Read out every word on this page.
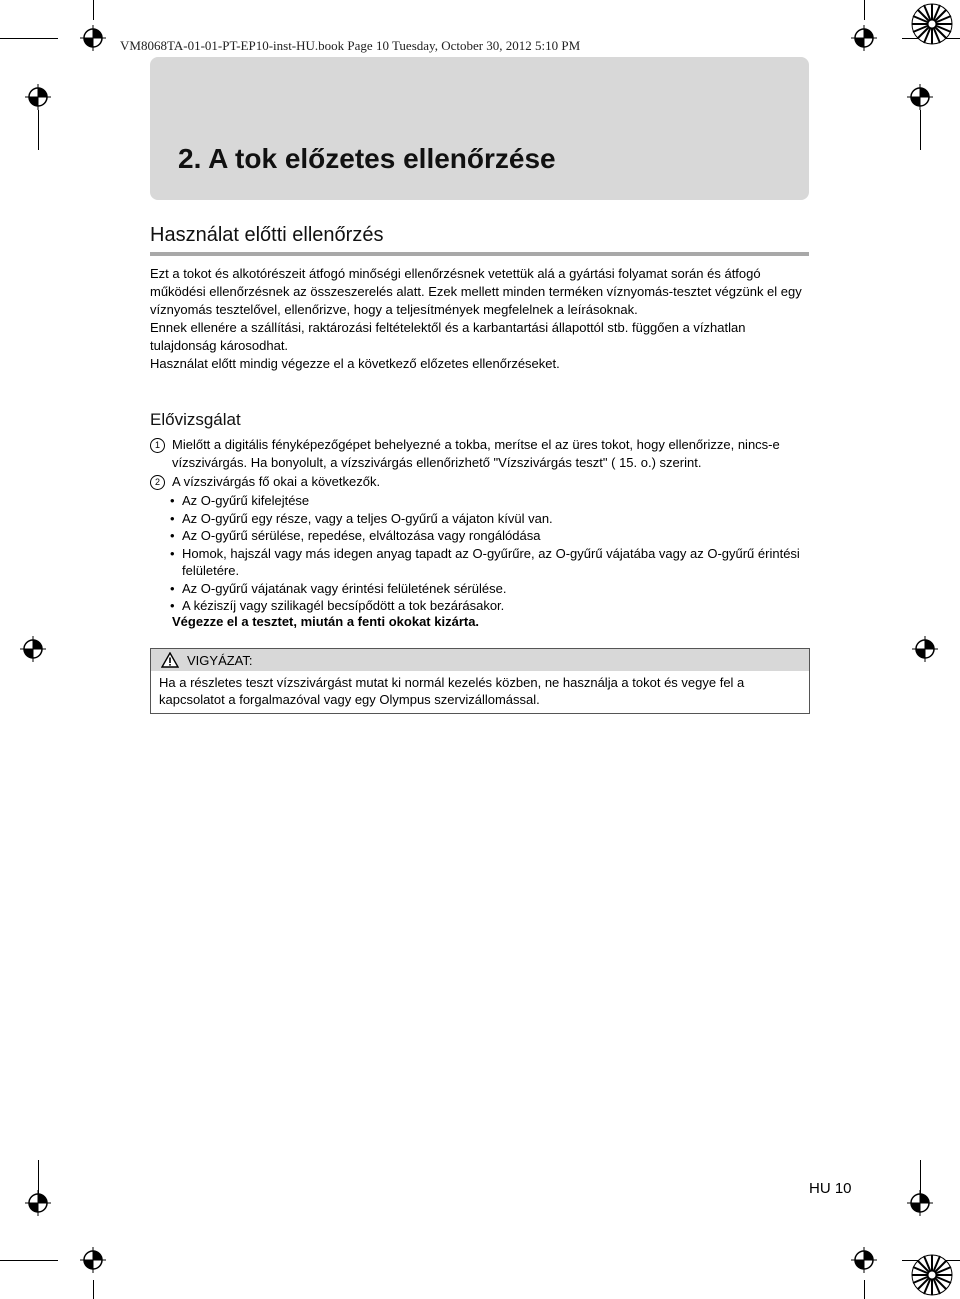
VM8068TA-01-01-PT-EP10-inst-HU.book Page 10 Tuesday, October 30, 2012 5:10 PM
2. A tok előzetes ellenőrzése
Használat előtti ellenőrzés

Ezt a tokot és alkotórészeit átfogó minőségi ellenőrzésnek vetettük alá a gyártási folyamat során és átfogó működési ellenőrzésnek az összeszerelés alatt. Ezek mellett minden terméken víznyomás-tesztet végzünk el egy víznyomás tesztelővel, ellenőrizve, hogy a teljesítmények megfelelnek a leírásoknak.

Ennek ellenére a szállítási, raktározási feltételektől és a karbantartási állapottól stb. függően a vízhatlan tulajdonság károsodhat.

Használat előtt mindig végezze el a következő előzetes ellenőrzéseket.

Elővizsgálat
1 Mielőtt a digitális fényképezőgépet behelyezné a tokba, merítse el az üres tokot, hogy ellenőrizze, nincs-e vízszivárgás. Ha bonyolult, a vízszivárgás ellenőrizhető "Vízszivárgás teszt" ( 15. o.) szerint.
2 A vízszivárgás fő okai a következők.
• Az O-gyűrű kifelejtése
• Az O-gyűrű egy része, vagy a teljes O-gyűrű a vájaton kívül van.
• Az O-gyűrű sérülése, repedése, elváltozása vagy rongálódása
• Homok, hajszál vagy más idegen anyag tapadt az O-gyűrűre, az O-gyűrű vájatába vagy az O-gyűrű érintési felületére.
• Az O-gyűrű vájatának vagy érintési felületének sérülése.
• A kéziszíj vagy szilikagél becsípődött a tok bezárásakor.
Végezze el a tesztet, miután a fenti okokat kizárta.
VIGYÁZAT:
Ha a részletes teszt vízszivárgást mutat ki normál kezelés közben, ne használja a tokot és vegye fel a kapcsolatot a forgalmazóval vagy egy Olympus szervizállomással.
HU 10
